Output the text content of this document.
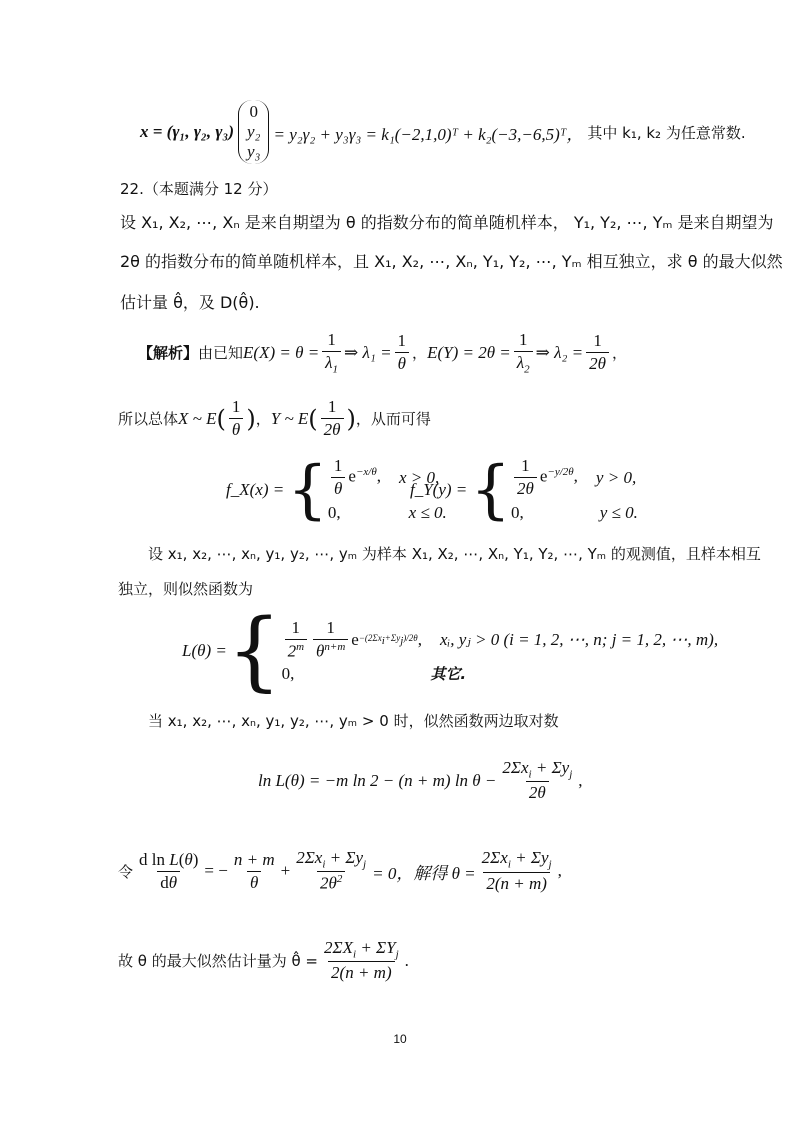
x = (γ₁, γ₂, γ₃)
0
y₂
y₃
= y₂γ₂ + y₃γ₃ = k₁(−2,1,0)ᵀ + k₂(−3,−6,5)ᵀ， 其中 k₁, k₂ 为任意常数.
22.（本题满分 12 分）
设 X₁, X₂, ⋯, Xₙ 是来自期望为 θ 的指数分布的简单随机样本， Y₁, Y₂, ⋯, Yₘ 是来自期望为
2θ 的指数分布的简单随机样本，且 X₁, X₂, ⋯, Xₙ, Y₁, Y₂, ⋯, Yₘ 相互独立，求 θ 的最大似然
估计量 θ̂，及 D(θ̂).
【解析】 由已知 $E(X) = \theta = \frac{1}{\lambda_1}$ ⇒ $\lambda_1 = \frac{1}{\theta}$ ， $E(Y) = 2\theta = \frac{1}{\lambda_2}$ ⇒ $\lambda_2 = \frac{1}{2\theta}$ ，
所以总体 X ~ E ( $\frac{1}{\theta}$ ) ， Y ~ E ( $\frac{1}{2\theta}$ ) ，从而可得
f_X(x) = { $\frac{1}{\theta} e^{-x/\theta}$, x > 0,
0,	x ≤ 0.
f_Y(y) = { $\frac{1}{2\theta} e^{-y/2\theta}$, y > 0,
0,	y ≤ 0.
设 x₁, x₂, ⋯, xₙ, y₁, y₂, ⋯, yₘ 为样本 X₁, X₂, ⋯, Xₙ, Y₁, Y₂, ⋯, Yₘ 的观测值，且样本相互
独立，则似然函数为
L(θ) = { $\frac{1}{2^m} \frac{1}{\theta^{n+m}}$ $e -(2\Sigma x_i+\Sigma y_j)/2\theta$ , xᵢ, yⱼ > 0 (i = 1, 2, ⋯, n; j = 1, 2, ⋯, m),
0,	其它.
当 x₁, x₂, ⋯, xₙ, y₁, y₂, ⋯, yₘ > 0 时，似然函数两边取对数
ln L(θ) = −m ln 2 − (n + m) $\ln \theta - \frac{2\Sigma x_i + \Sigma y_j}{2\theta}$ ,
令 $\frac{\text{d ln L(θ)}}{d\theta}$ = − $\frac{n + m}{\theta} + \frac{2\Sigma x_i + \Sigma y_j}{2\theta^2} = 0$，解得 $\theta = \frac{2\Sigma x_i + \Sigma y_j}{2(n + m)}$ ,
故 θ 的最大似然估计量为 θ̂ = $\frac{2\Sigma X_i + \Sigma Y_j}{2(n + m)}$ .
10
